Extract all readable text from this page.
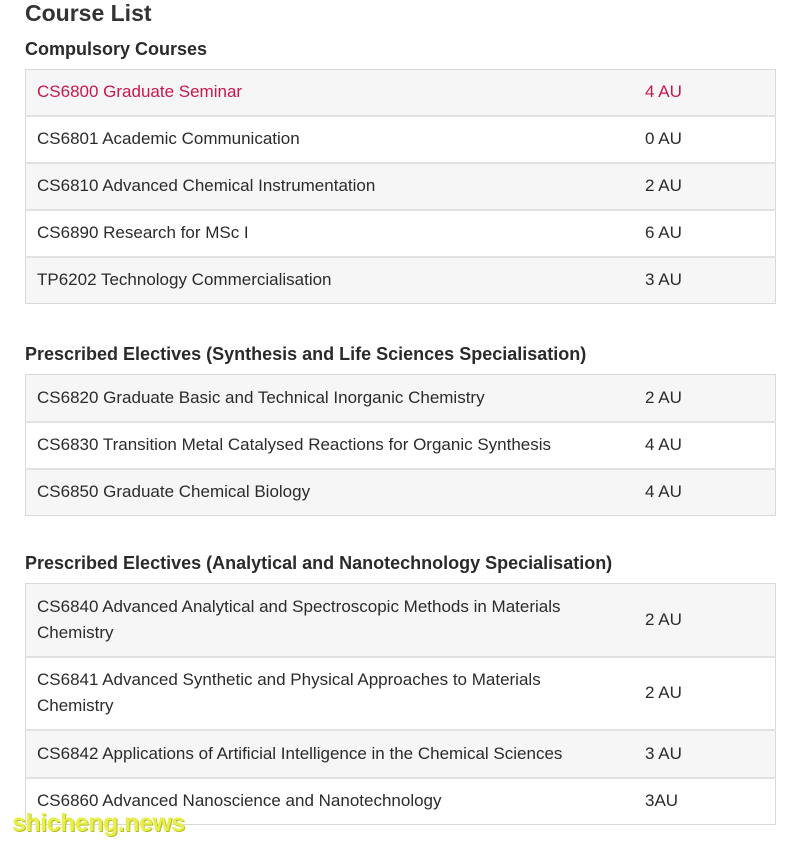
Course List
Compulsory Courses
CS6800 Graduate Seminar	4 AU
CS6801 Academic Communication	0 AU
CS6810 Advanced Chemical Instrumentation	2 AU
CS6890 Research for MSc I	6 AU
TP6202 Technology Commercialisation	3 AU
Prescribed Electives (Synthesis and Life Sciences Specialisation)
CS6820 Graduate Basic and Technical Inorganic Chemistry	2 AU
CS6830 Transition Metal Catalysed Reactions for Organic Synthesis	4 AU
CS6850 Graduate Chemical Biology	4 AU
Prescribed Electives (Analytical and Nanotechnology Specialisation)
CS6840 Advanced Analytical and Spectroscopic Methods in Materials Chemistry	2 AU
CS6841 Advanced Synthetic and Physical Approaches to Materials Chemistry	2 AU
CS6842 Applications of Artificial Intelligence in the Chemical Sciences	3 AU
CS6860 Advanced Nanoscience and Nanotechnology	3AU
shicheng.news
